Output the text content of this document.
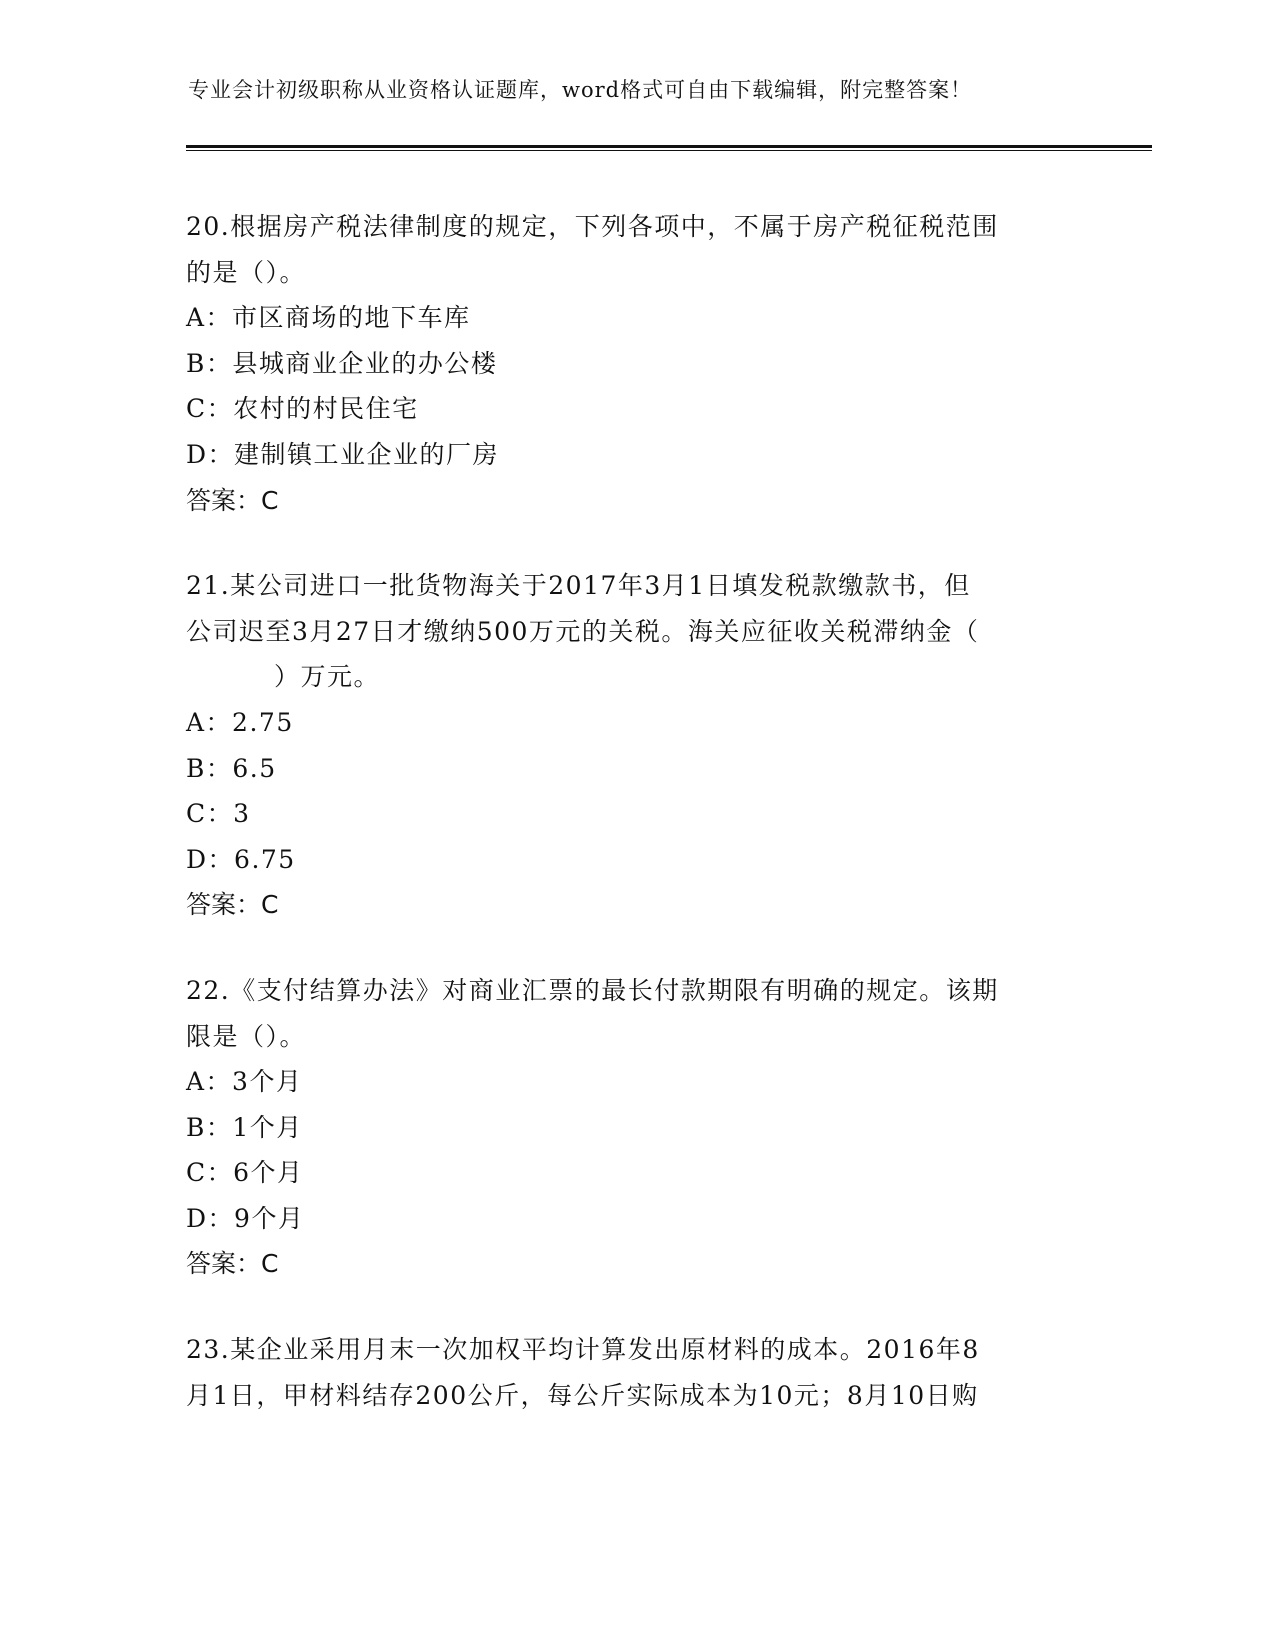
专业会计初级职称从业资格认证题库，word格式可自由下载编辑，附完整答案！
20.根据房产税法律制度的规定，下列各项中，不属于房产税征税范围
的是（）。
A：市区商场的地下车库
B：县城商业企业的办公楼
C：农村的村民住宅
D：建制镇工业企业的厂房
答案：C
21.某公司进口一批货物海关于2017年3月1日填发税款缴款书，但
公司迟至3月27日才缴纳500万元的关税。海关应征收关税滞纳金（
）万元。
A：2.75
B：6.5
C：3
D：6.75
答案：C
22.《支付结算办法》对商业汇票的最长付款期限有明确的规定。该期
限是（）。
A：3个月
B：1个月
C：6个月
D：9个月
答案：C
23.某企业采用月末一次加权平均计算发出原材料的成本。2016年8
月1日，甲材料结存200公斤，每公斤实际成本为10元；8月10日购
